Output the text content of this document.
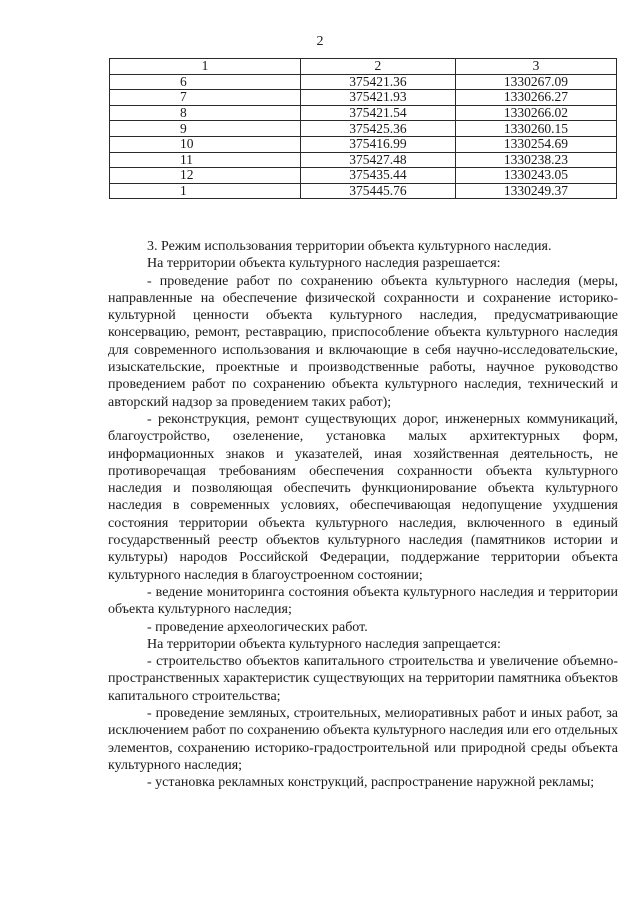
2
1	2	3
6	375421.36	1330267.09
7	375421.93	1330266.27
8	375421.54	1330266.02
9	375425.36	1330260.15
10	375416.99	1330254.69
11	375427.48	1330238.23
12	375435.44	1330243.05
1	375445.76	1330249.37

3. Режим использования территории объекта культурного наследия.

На территории объекта культурного наследия разрешается:

- проведение работ по сохранению объекта культурного наследия (меры, направленные на обеспечение физической сохранности и сохранение историко-культурной ценности объекта культурного наследия, предусматривающие консервацию, ремонт, реставрацию, приспособление объекта культурного наследия для современного использования и включающие в себя научно-исследовательские, изыскательские, проектные и производственные работы, научное руководство проведением работ по сохранению объекта культурного наследия, технический и авторский надзор за проведением таких работ);

- реконструкция, ремонт существующих дорог, инженерных коммуникаций, благоустройство, озеленение, установка малых архитектурных форм, информационных знаков и указателей, иная хозяйственная деятельность, не противоречащая требованиям обеспечения сохранности объекта культурного наследия и позволяющая обеспечить функционирование объекта культурного наследия в современных условиях, обеспечивающая недопущение ухудшения состояния территории объекта культурного наследия, включенного в единый государственный реестр объектов культурного наследия (памятников истории и культуры) народов Российской Федерации, поддержание территории объекта культурного наследия в благоустроенном состоянии;

- ведение мониторинга состояния объекта культурного наследия и территории объекта культурного наследия;

- проведение археологических работ.

На территории объекта культурного наследия запрещается:

- строительство объектов капитального строительства и увеличение объемно-пространственных характеристик существующих на территории памятника объектов капитального строительства;

- проведение земляных, строительных, мелиоративных работ и иных работ, за исключением работ по сохранению объекта культурного наследия или его отдельных элементов, сохранению историко-градостроительной или природной среды объекта культурного наследия;

- установка рекламных конструкций, распространение наружной рекламы;
